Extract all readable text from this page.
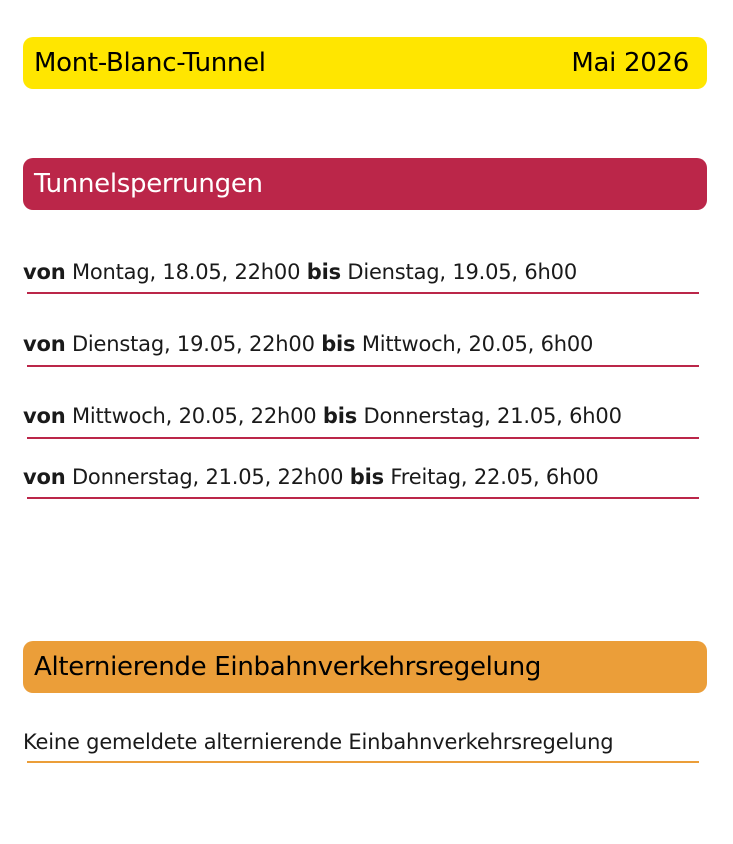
Mont-Blanc-Tunnel	Mai 2026
Tunnelsperrungen
von Montag, 18.05, 22h00 bis Dienstag, 19.05, 6h00
von Dienstag, 19.05, 22h00 bis Mittwoch, 20.05, 6h00
von Mittwoch, 20.05, 22h00 bis Donnerstag, 21.05, 6h00
von Donnerstag, 21.05, 22h00 bis Freitag, 22.05, 6h00
Alternierende Einbahnverkehrsregelung
Keine gemeldete alternierende Einbahnverkehrsregelung
